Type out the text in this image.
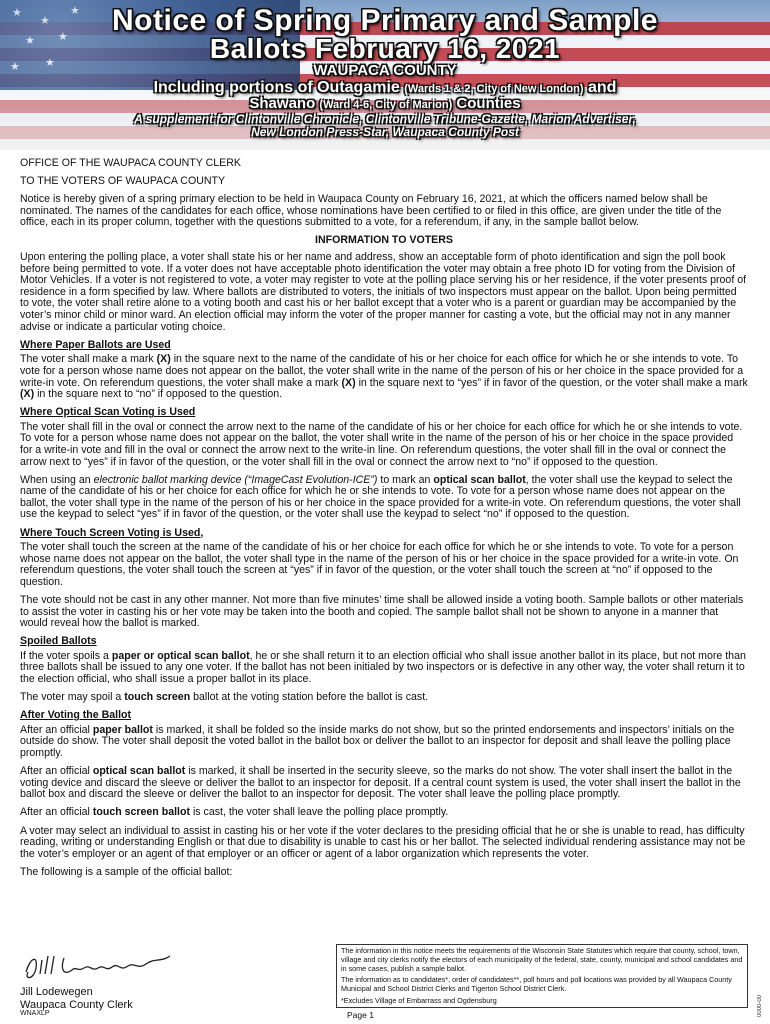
★
★
★
★ ★
★ ★
Notice of Spring Primary and Sample
Ballots February 16, 2021
WAUPACA COUNTY
Including portions of Outagamie (Wards 1 & 2, City of New London) and
Shawano (Ward 4-6, City of Marion) Counties
A supplement for Clintonville Chronicle, Clintonville Tribune-Gazette, Marion Advertiser,
New London Press-Star, Waupaca County Post

OFFICE OF THE WAUPACA COUNTY CLERK

TO THE VOTERS OF WAUPACA COUNTY

Notice is hereby given of a spring primary election to be held in Waupaca County on February 16, 2021, at which the officers named below shall be nominated. The names of the candidates for each office, whose nominations have been certified to or filed in this office, are given under the title of the office, each in its proper column, together with the questions submitted to a vote, for a referendum, if any, in the sample ballot below.

INFORMATION TO VOTERS

Upon entering the polling place, a voter shall state his or her name and address, show an acceptable form of photo identification and sign the poll book before being permitted to vote. If a voter does not have acceptable photo identification the voter may obtain a free photo ID for voting from the Division of Motor Vehicles. If a voter is not registered to vote, a voter may register to vote at the polling place serving his or her residence, if the voter presents proof of residence in a form specified by law. Where ballots are distributed to voters, the initials of two inspectors must appear on the ballot. Upon being permitted to vote, the voter shall retire alone to a voting booth and cast his or her ballot except that a voter who is a parent or guardian may be accompanied by the voter’s minor child or minor ward. An election official may inform the voter of the proper manner for casting a vote, but the official may not in any manner advise or indicate a particular voting choice.

Where Paper Ballots are Used

The voter shall make a mark (X) in the square next to the name of the candidate of his or her choice for each office for which he or she intends to vote. To vote for a person whose name does not appear on the ballot, the voter shall write in the name of the person of his or her choice in the space provided for a write-in vote. On referendum questions, the voter shall make a mark (X) in the square next to “yes” if in favor of the question, or the voter shall make a mark (X) in the square next to “no” if opposed to the question.

Where Optical Scan Voting is Used

The voter shall fill in the oval or connect the arrow next to the name of the candidate of his or her choice for each office for which he or she intends to vote. To vote for a person whose name does not appear on the ballot, the voter shall write in the name of the person of his or her choice in the space provided for a write-in vote and fill in the oval or connect the arrow next to the write-in line. On referendum questions, the voter shall fill in the oval or connect the arrow next to “yes” if in favor of the question, or the voter shall fill in the oval or connect the arrow next to “no” if opposed to the question.

When using an electronic ballot marking device (“ImageCast Evolution-ICE”) to mark an optical scan ballot, the voter shall use the keypad to select the name of the candidate of his or her choice for each office for which he or she intends to vote. To vote for a person whose name does not appear on the ballot, the voter shall type in the name of the person of his or her choice in the space provided for a write-in vote. On referendum questions, the voter shall use the keypad to select “yes” if in favor of the question, or the voter shall use the keypad to select “no” if opposed to the question.

Where Touch Screen Voting is Used,

The voter shall touch the screen at the name of the candidate of his or her choice for each office for which he or she intends to vote. To vote for a person whose name does not appear on the ballot, the voter shall type in the name of the person of his or her choice in the space provided for a write-in vote. On referendum questions, the voter shall touch the screen at “yes” if in favor of the question, or the voter shall touch the screen at “no” if opposed to the question.

The vote should not be cast in any other manner. Not more than five minutes’ time shall be allowed inside a voting booth. Sample ballots or other materials to assist the voter in casting his or her vote may be taken into the booth and copied. The sample ballot shall not be shown to anyone in a manner that would reveal how the ballot is marked.

Spoiled Ballots

If the voter spoils a paper or optical scan ballot, he or she shall return it to an election official who shall issue another ballot in its place, but not more than three ballots shall be issued to any one voter. If the ballot has not been initialed by two inspectors or is defective in any other way, the voter shall return it to the election official, who shall issue a proper ballot in its place.

The voter may spoil a touch screen ballot at the voting station before the ballot is cast.

After Voting the Ballot

After an official paper ballot is marked, it shall be folded so the inside marks do not show, but so the printed endorsements and inspectors’ initials on the outside do show. The voter shall deposit the voted ballot in the ballot box or deliver the ballot to an inspector for deposit and shall leave the polling place promptly.

After an official optical scan ballot is marked, it shall be inserted in the security sleeve, so the marks do not show. The voter shall insert the ballot in the voting device and discard the sleeve or deliver the ballot to an inspector for deposit. If a central count system is used, the voter shall insert the ballot in the ballot box and discard the sleeve or deliver the ballot to an inspector for deposit. The voter shall leave the polling place promptly.

After an official touch screen ballot is cast, the voter shall leave the polling place promptly.

A voter may select an individual to assist in casting his or her vote if the voter declares to the presiding official that he or she is unable to read, has difficulty reading, writing or understanding English or that due to disability is unable to cast his or her ballot. The selected individual rendering assistance may not be the voter’s employer or an agent of that employer or an officer or agent of a labor organization which represents the voter.

The following is a sample of the official ballot:

Jill Lodewegen
Waupaca County Clerk

The information in this notice meets the requirements of the Wisconsin State Statutes which require that county, school, town, village and city clerks notify the electors of each municipality of the federal, state, county, municipal and school candidates and in some cases, publish a sample ballot.

The information as to candidates*, order of candidates**, poll hours and poll locations was provided by all Waupaca County Municipal and School District Clerks and Tigerton School District Clerk.

*Excludes Village of Embarrass and Ogdensburg

WNAXLP	Page 1	0000-00
